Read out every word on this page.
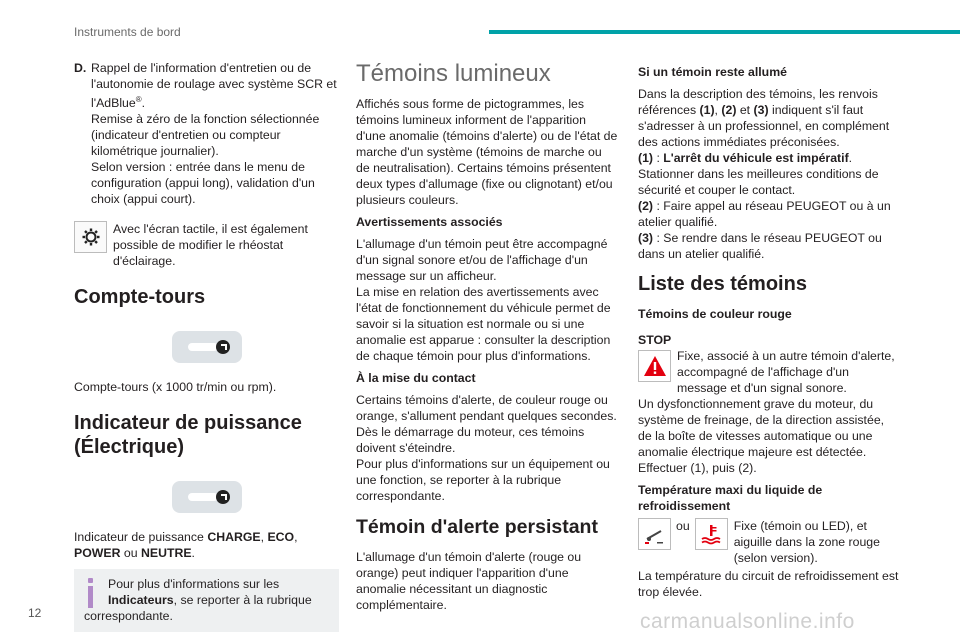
Instruments de bord
D. Rappel de l'information d'entretien ou de l'autonomie de roulage avec système SCR et l'AdBlue®.
Remise à zéro de la fonction sélectionnée (indicateur d'entretien ou compteur kilométrique journalier).
Selon version : entrée dans le menu de configuration (appui long), validation d'un choix (appui court).

Avec l'écran tactile, il est également possible de modifier le rhéostat d'éclairage.
Compte-tours

Compte-tours (x 1000 tr/min ou rpm).

Indicateur de puissance (Électrique)

Indicateur de puissance CHARGE, ECO, POWER ou NEUTRE.

Pour plus d'informations sur les Indicateurs, se reporter à la rubrique correspondante.
Témoins lumineux

Affichés sous forme de pictogrammes, les témoins lumineux informent de l'apparition d'une anomalie (témoins d'alerte) ou de l'état de marche d'un système (témoins de marche ou de neutralisation). Certains témoins présentent deux types d'allumage (fixe ou clignotant) et/ou plusieurs couleurs.

Avertissements associés

L'allumage d'un témoin peut être accompagné d'un signal sonore et/ou de l'affichage d'un message sur un afficheur.
La mise en relation des avertissements avec l'état de fonctionnement du véhicule permet de savoir si la situation est normale ou si une anomalie est apparue : consulter la description de chaque témoin pour plus d'informations.

À la mise du contact

Certains témoins d'alerte, de couleur rouge ou orange, s'allument pendant quelques secondes. Dès le démarrage du moteur, ces témoins doivent s'éteindre.
Pour plus d'informations sur un équipement ou une fonction, se reporter à la rubrique correspondante.

Témoin d'alerte persistant

L'allumage d'un témoin d'alerte (rouge ou orange) peut indiquer l'apparition d'une anomalie nécessitant un diagnostic complémentaire.

Si un témoin reste allumé

Dans la description des témoins, les renvois références (1), (2) et (3) indiquent s'il faut s'adresser à un professionnel, en complément des actions immédiates préconisées.
(1) : L'arrêt du véhicule est impératif.
Stationner dans les meilleures conditions de sécurité et couper le contact.
(2) : Faire appel au réseau PEUGEOT ou à un atelier qualifié.
(3) : Se rendre dans le réseau PEUGEOT ou dans un atelier qualifié.

Liste des témoins
Témoins de couleur rouge
STOP
Fixe, associé à un autre témoin d'alerte, accompagné de l'affichage d'un message et d'un signal sonore.
Un dysfonctionnement grave du moteur, du système de freinage, de la direction assistée, de la boîte de vitesses automatique ou une anomalie électrique majeure est détectée.
Effectuer (1), puis (2).
Température maxi du liquide de refroidissement
ou	Fixe (témoin ou LED), et aiguille dans la zone rouge (selon version).

La température du circuit de refroidissement est trop élevée.

12	carmanualsonline.info
